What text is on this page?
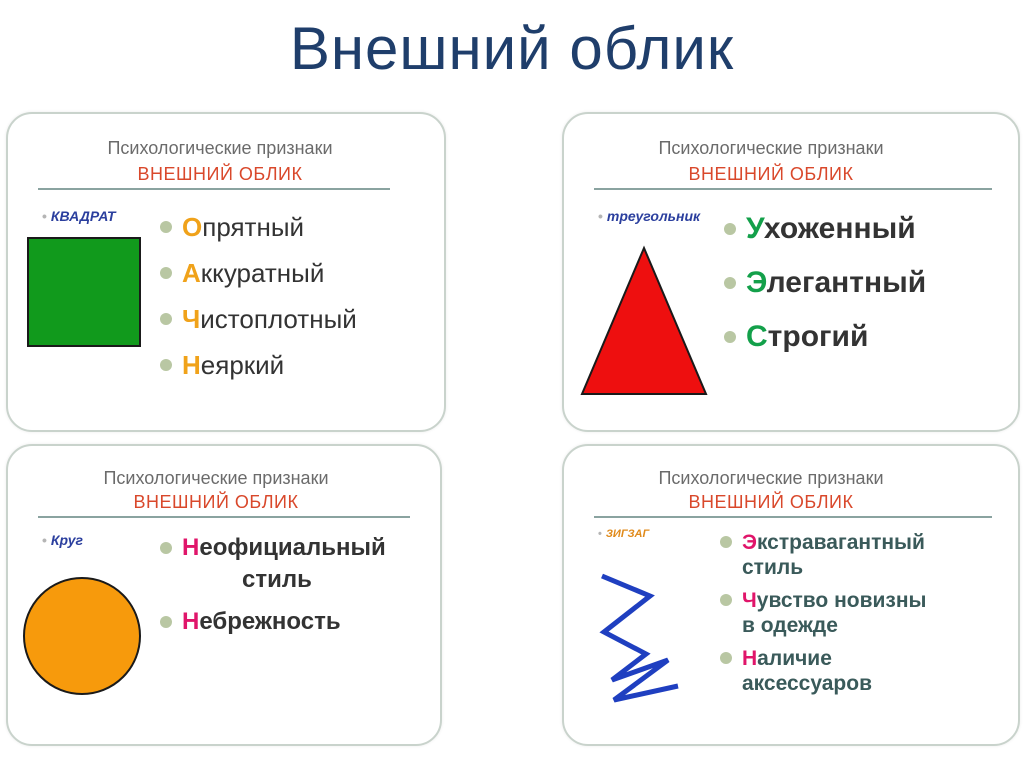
Внешний облик
Психологические признаки
ВНЕШНИЙ ОБЛИК
• КВАДРАТ	Опрятный
Аккуратный
Чистоплотный
Неяркий
Психологические признаки
ВНЕШНИЙ ОБЛИК
• треугольник	Ухоженный
Элегантный
Строгий
Психологические признаки
ВНЕШНИЙ ОБЛИК
• Круг	Неофициальный
стиль
Небрежность
Психологические признаки
ВНЕШНИЙ ОБЛИК
• ЗИГЗАГ	Экстравагантный
стиль
Чувство новизны
в одежде
Наличие
аксессуаров
